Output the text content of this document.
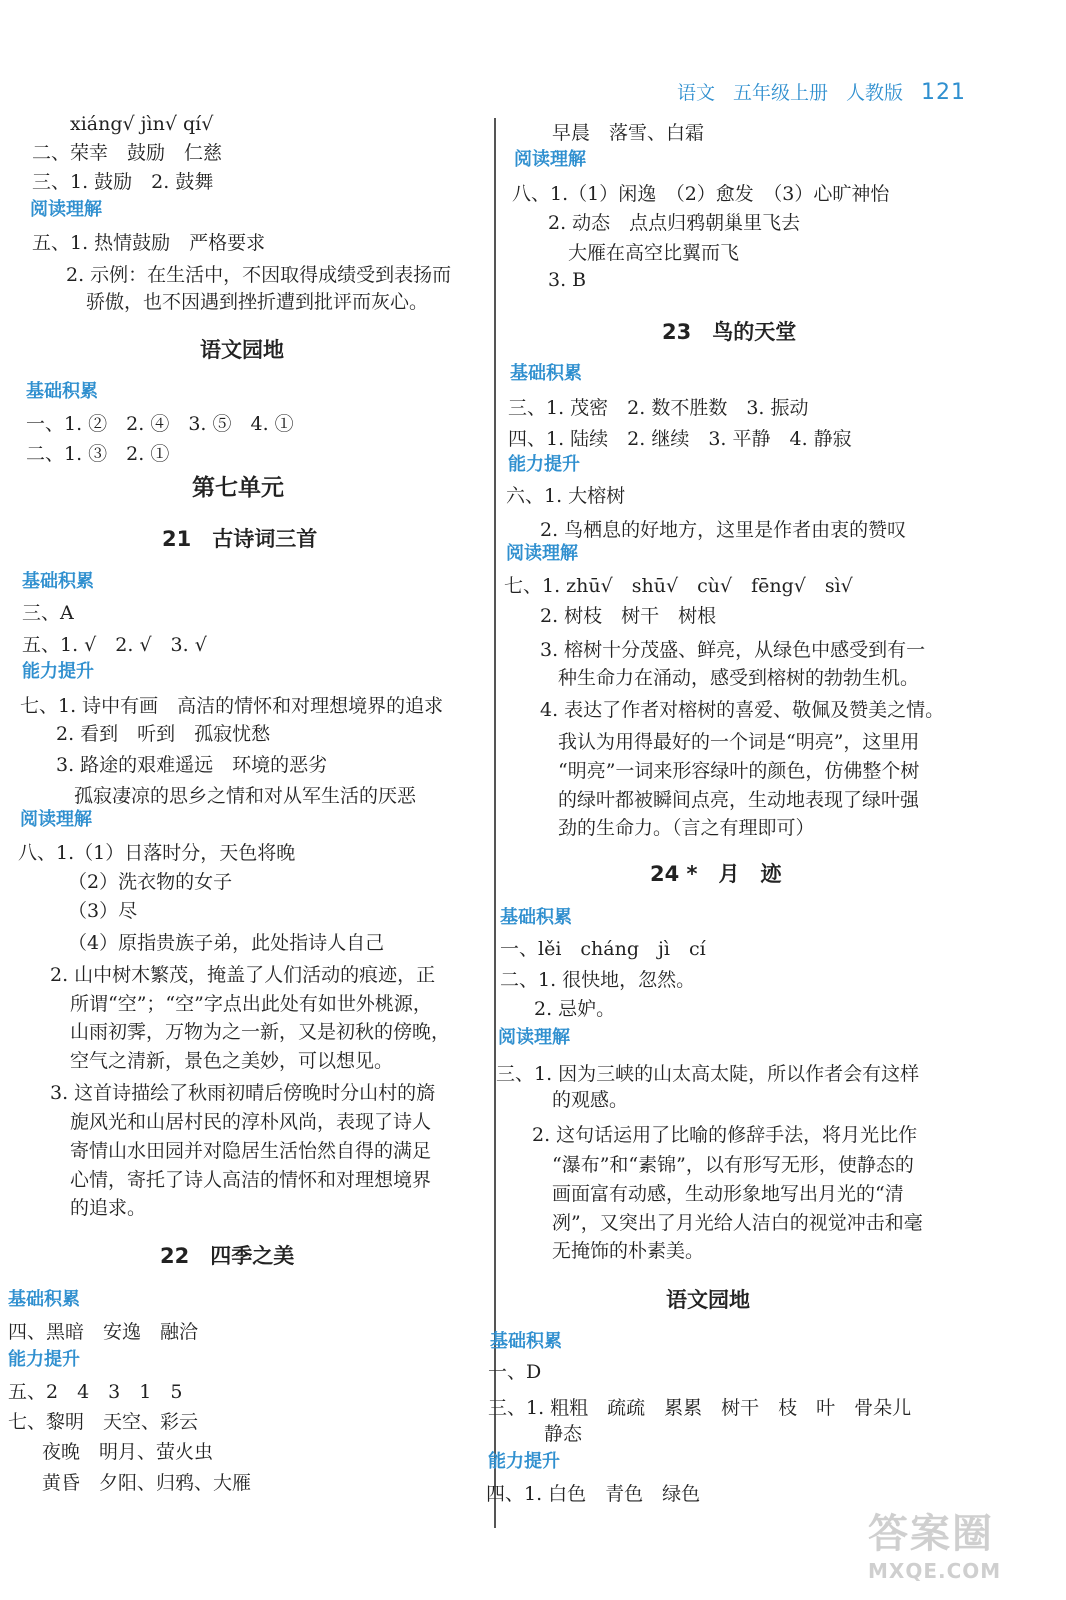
语文 五年级上册 人教版 121
xiáng√ jìn√ qí√
二、荣幸　鼓励　仁慈
三、1. 鼓励　2. 鼓舞
阅读理解
五、1. 热情鼓励　严格要求
2. 示例：在生活中，不因取得成绩受到表扬而
骄傲，也不因遇到挫折遭到批评而灰心。
语文园地
基础积累
一、1. ②　2. ④　3. ⑤　4. ①
二、1. ③　2. ①
第七单元
21　古诗词三首
基础积累
三、A
五、1. √　2. √　3. √
能力提升
七、1. 诗中有画　高洁的情怀和对理想境界的追求
2. 看到　听到　孤寂忧愁
3. 路途的艰难遥远　环境的恶劣
孤寂凄凉的思乡之情和对从军生活的厌恶
阅读理解
八、1.（1）日落时分，天色将晚
（2）洗衣物的女子
（3）尽
（4）原指贵族子弟，此处指诗人自己
2. 山中树木繁茂，掩盖了人们活动的痕迹，正
所谓“空”；“空”字点出此处有如世外桃源，
山雨初霁，万物为之一新，又是初秋的傍晚，
空气之清新，景色之美妙，可以想见。
3. 这首诗描绘了秋雨初晴后傍晚时分山村的旖
旎风光和山居村民的淳朴风尚，表现了诗人
寄情山水田园并对隐居生活怡然自得的满足
心情，寄托了诗人高洁的情怀和对理想境界
的追求。
22　四季之美
基础积累
四、黑暗　安逸　融洽
能力提升
五、2　4　3　1　5
七、黎明　天空、彩云
夜晚　明月、萤火虫
黄昏　夕阳、归鸦、大雁
早晨　落雪、白霜
阅读理解
八、1.（1）闲逸　（2）愈发　（3）心旷神怡
2. 动态　点点归鸦朝巢里飞去
大雁在高空比翼而飞
3. B
23　鸟的天堂
基础积累
三、1. 茂密　2. 数不胜数　3. 振动
四、1. 陆续　2. 继续　3. 平静　4. 静寂
能力提升
六、1. 大榕树
2. 鸟栖息的好地方，这里是作者由衷的赞叹
阅读理解
七、1. zhū√　shū√　cù√　fēng√　sì√
2. 树枝　树干　树根
3. 榕树十分茂盛、鲜亮，从绿色中感受到有一
种生命力在涌动，感受到榕树的勃勃生机。
4. 表达了作者对榕树的喜爱、敬佩及赞美之情。
我认为用得最好的一个词是“明亮”，这里用
“明亮”一词来形容绿叶的颜色，仿佛整个树
的绿叶都被瞬间点亮，生动地表现了绿叶强
劲的生命力。（言之有理即可）
24 *　月　迹
基础积累
一、lěi　cháng　jì　cí
二、1. 很快地，忽然。
2. 忌妒。
阅读理解
三、1. 因为三峡的山太高太陡，所以作者会有这样
的观感。
2. 这句话运用了比喻的修辞手法，将月光比作
“瀑布”和“素锦”，以有形写无形，使静态的
画面富有动感，生动形象地写出月光的“清
冽”，又突出了月光给人洁白的视觉冲击和毫
无掩饰的朴素美。
语文园地
基础积累
一、D
三、1. 粗粗　疏疏　累累　树干　枝　叶　骨朵儿
静态
能力提升
四、1. 白色　青色　绿色
答案圈
MXQE.COM
